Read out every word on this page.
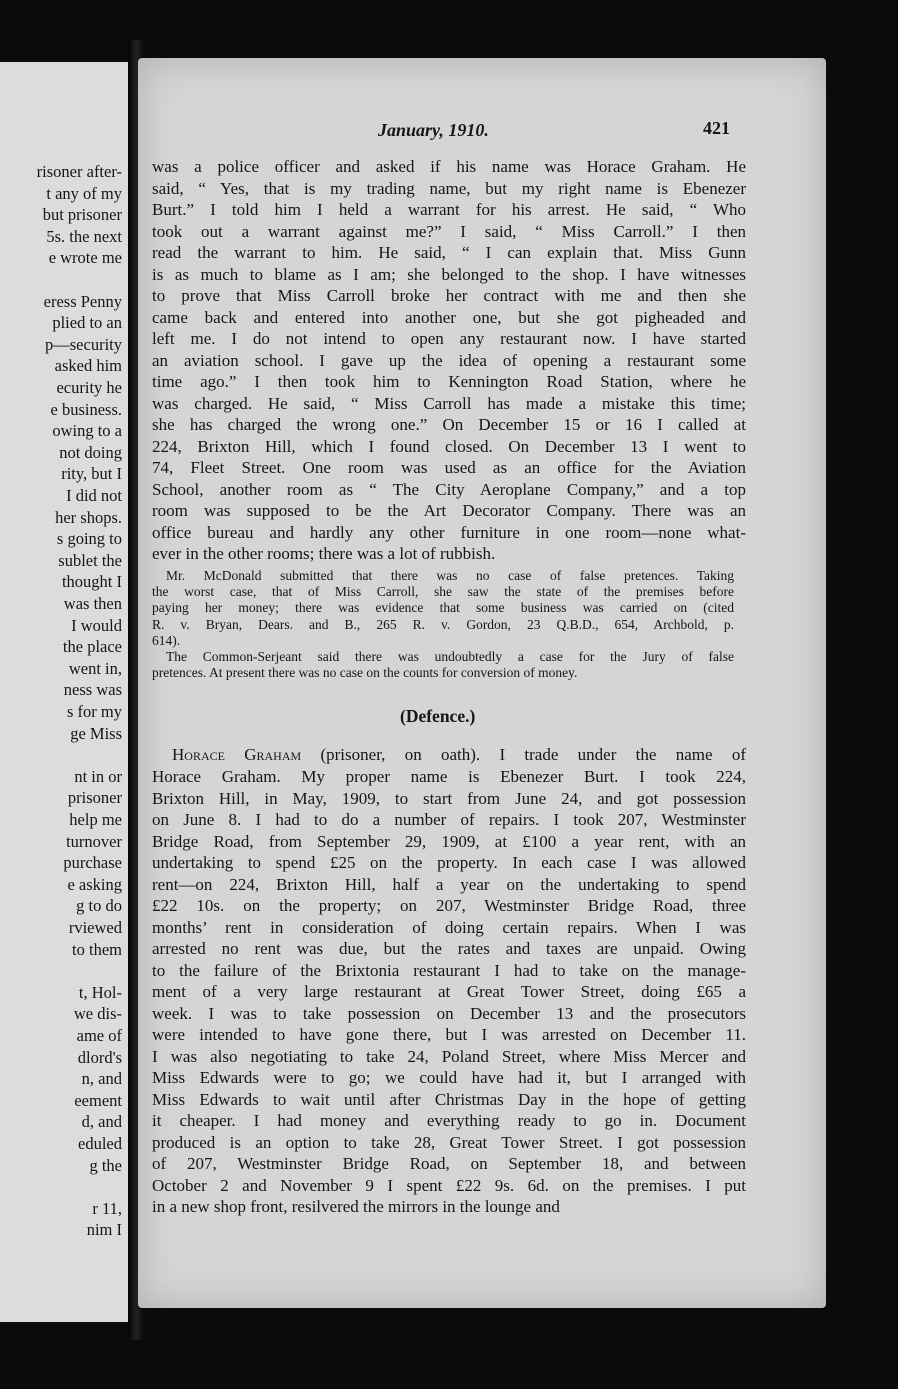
risoner after-
t any of my
but prisoner
5s. the next
e wrote me
eress Penny
plied to an
p—security
asked him
ecurity he
e business.
owing to a
not doing
rity, but I
I did not
her shops.
s going to
sublet the
thought I
was then
I would
the place
went in,
ness was
s for my
ge Miss
nt in or
prisoner
help me
turnover
purchase
e asking
g to do
rviewed
to them
t, Hol-
we dis-
ame of
dlord's
n, and
eement
d, and
eduled
g the
r 11,
nim I
January, 1910.	421
was a police officer and asked if his name was Horace Graham. He
said, “ Yes, that is my trading name, but my right name is Ebenezer
Burt.” I told him I held a warrant for his arrest. He said, “ Who
took out a warrant against me?” I said, “ Miss Carroll.” I then
read the warrant to him. He said, “ I can explain that. Miss Gunn
is as much to blame as I am; she belonged to the shop. I have witnesses
to prove that Miss Carroll broke her contract with me and then she
came back and entered into another one, but she got pigheaded and
left me. I do not intend to open any restaurant now. I have started
an aviation school. I gave up the idea of opening a restaurant some
time ago.” I then took him to Kennington Road Station, where he
was charged. He said, “ Miss Carroll has made a mistake this time;
she has charged the wrong one.” On December 15 or 16 I called at
224, Brixton Hill, which I found closed. On December 13 I went to
74, Fleet Street. One room was used as an office for the Aviation
School, another room as “ The City Aeroplane Company,” and a top
room was supposed to be the Art Decorator Company. There was an
office bureau and hardly any other furniture in one room—none what-
ever in the other rooms; there was a lot of rubbish.
Mr. McDonald submitted that there was no case of false pretences. Taking
the worst case, that of Miss Carroll, she saw the state of the premises before
paying her money; there was evidence that some business was carried on (cited
R. v. Bryan, Dears. and B., 265 R. v. Gordon, 23 Q.B.D., 654, Archbold, p.
614).
The Common-Serjeant said there was undoubtedly a case for the Jury of false
pretences. At present there was no case on the counts for conversion of money.
(Defence.)
Horace Graham (prisoner, on oath). I trade under the name of
Horace Graham. My proper name is Ebenezer Burt. I took 224,
Brixton Hill, in May, 1909, to start from June 24, and got possession
on June 8. I had to do a number of repairs. I took 207, Westminster
Bridge Road, from September 29, 1909, at £100 a year rent, with an
undertaking to spend £25 on the property. In each case I was allowed
rent—on 224, Brixton Hill, half a year on the undertaking to spend
£22 10s. on the property; on 207, Westminster Bridge Road, three
months’ rent in consideration of doing certain repairs. When I was
arrested no rent was due, but the rates and taxes are unpaid. Owing
to the failure of the Brixtonia restaurant I had to take on the manage-
ment of a very large restaurant at Great Tower Street, doing £65 a
week. I was to take possession on December 13 and the prosecutors
were intended to have gone there, but I was arrested on December 11.
I was also negotiating to take 24, Poland Street, where Miss Mercer and
Miss Edwards were to go; we could have had it, but I arranged with
Miss Edwards to wait until after Christmas Day in the hope of getting
it cheaper. I had money and everything ready to go in. Document
produced is an option to take 28, Great Tower Street. I got possession
of 207, Westminster Bridge Road, on September 18, and between
October 2 and November 9 I spent £22 9s. 6d. on the premises. I put
in a new shop front, resilvered the mirrors in the lounge and
